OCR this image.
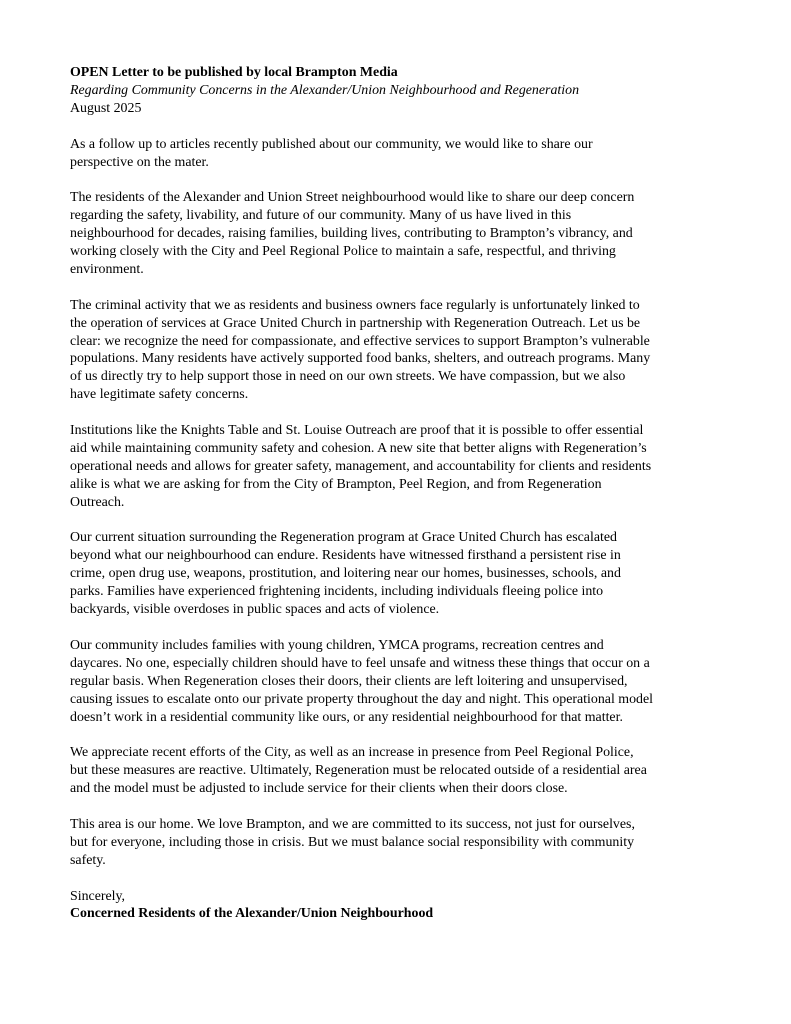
OPEN Letter to be published by local Brampton Media
Regarding Community Concerns in the Alexander/Union Neighbourhood and Regeneration
August 2025

As a follow up to articles recently published about our community, we would like to share our
perspective on the mater.

The residents of the Alexander and Union Street neighbourhood would like to share our deep concern
regarding the safety, livability, and future of our community. Many of us have lived in this
neighbourhood for decades, raising families, building lives, contributing to Brampton’s vibrancy, and
working closely with the City and Peel Regional Police to maintain a safe, respectful, and thriving
environment.

The criminal activity that we as residents and business owners face regularly is unfortunately linked to
the operation of services at Grace United Church in partnership with Regeneration Outreach. Let us be
clear: we recognize the need for compassionate, and effective services to support Brampton’s vulnerable
populations. Many residents have actively supported food banks, shelters, and outreach programs. Many
of us directly try to help support those in need on our own streets. We have compassion, but we also
have legitimate safety concerns.

Institutions like the Knights Table and St. Louise Outreach are proof that it is possible to offer essential
aid while maintaining community safety and cohesion. A new site that better aligns with Regeneration’s
operational needs and allows for greater safety, management, and accountability for clients and residents
alike is what we are asking for from the City of Brampton, Peel Region, and from Regeneration
Outreach.

Our current situation surrounding the Regeneration program at Grace United Church has escalated
beyond what our neighbourhood can endure. Residents have witnessed firsthand a persistent rise in
crime, open drug use, weapons, prostitution, and loitering near our homes, businesses, schools, and
parks. Families have experienced frightening incidents, including individuals fleeing police into
backyards, visible overdoses in public spaces and acts of violence.

Our community includes families with young children, YMCA programs, recreation centres and
daycares. No one, especially children should have to feel unsafe and witness these things that occur on a
regular basis. When Regeneration closes their doors, their clients are left loitering and unsupervised,
causing issues to escalate onto our private property throughout the day and night. This operational model
doesn’t work in a residential community like ours, or any residential neighbourhood for that matter.

We appreciate recent efforts of the City, as well as an increase in presence from Peel Regional Police,
but these measures are reactive. Ultimately, Regeneration must be relocated outside of a residential area
and the model must be adjusted to include service for their clients when their doors close.

This area is our home. We love Brampton, and we are committed to its success, not just for ourselves,
but for everyone, including those in crisis. But we must balance social responsibility with community
safety.

Sincerely,
Concerned Residents of the Alexander/Union Neighbourhood
